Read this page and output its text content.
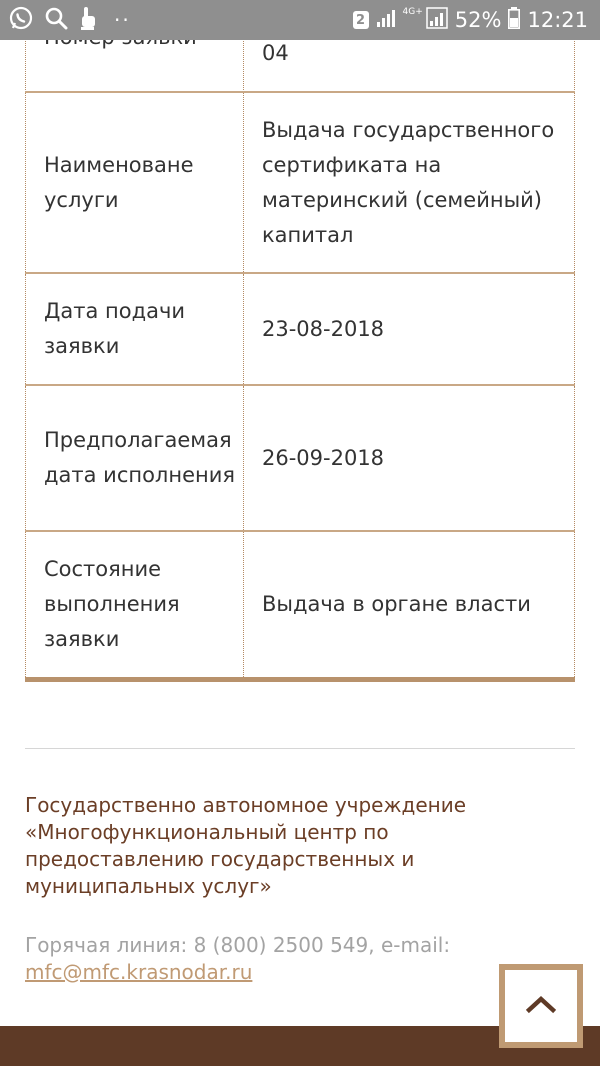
··	2
4G+ 52% 12:21
04
Наименоване услуги
Выдача государственного сертификата на материнский (семейный) капитал
Дата подачи заявки
23-08-2018
Предполагаемая дата исполнения
26-09-2018
Состояние выполнения заявки
Выдача в органе власти
Государственно автономное учреждение «Многофункциональный центр по предоставлению государственных и муниципальных услуг»
Горячая линия: 8 (800) 2500 549, e-mail: mfc@mfc.krasnodar.ru
